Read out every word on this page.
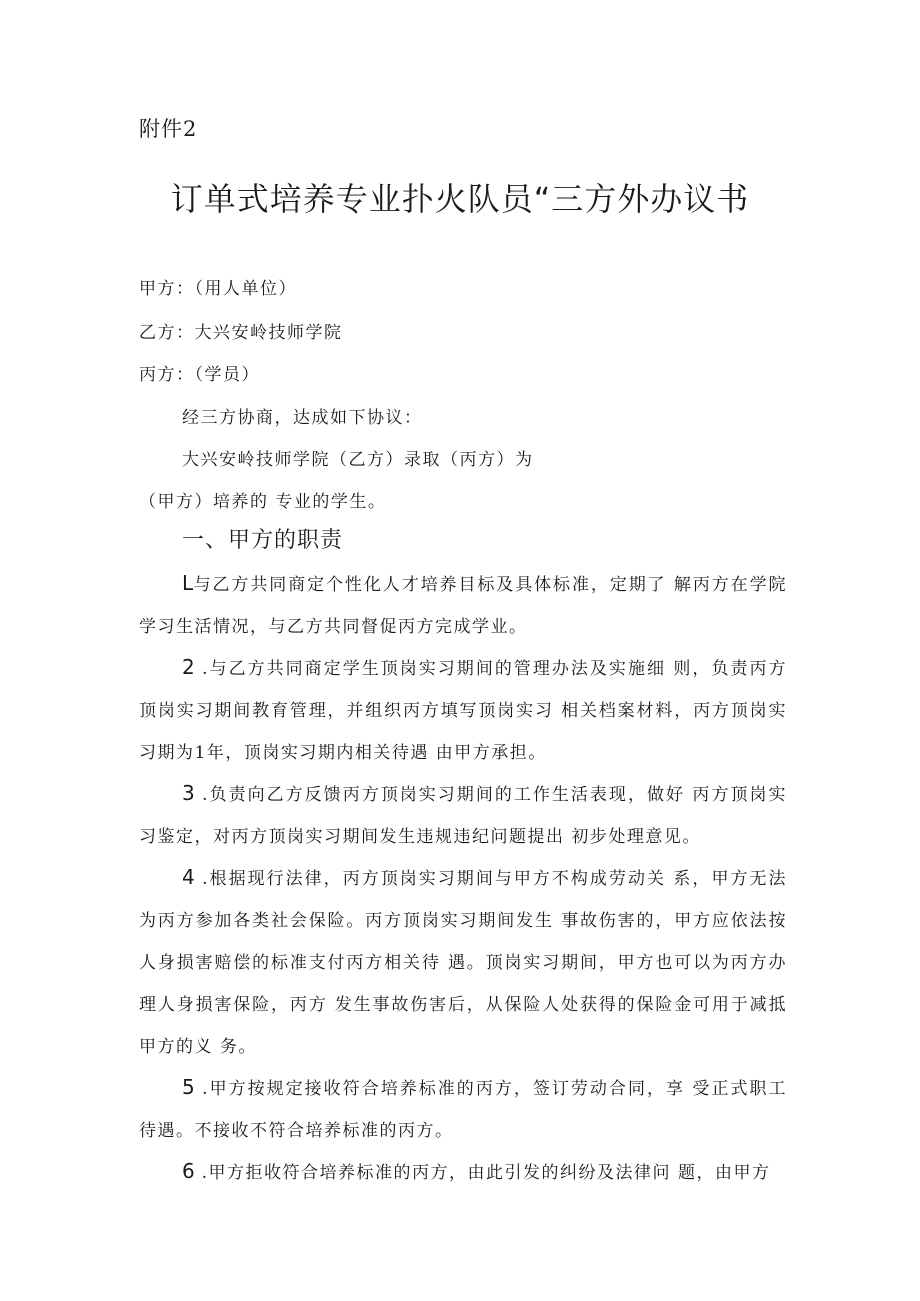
附件2
订单式培养专业扑火队员“三方外办议书
甲方：（用人单位）
乙方：大兴安岭技师学院
丙方：（学员）
经三方协商，达成如下协议：
大兴安岭技师学院（乙方）录取（丙方）为
（甲方）培养的 专业的学生。
一、甲方的职责
L与乙方共同商定个性化人才培养目标及具体标准，定期了 解丙方在学院学习生活情况，与乙方共同督促丙方完成学业。
2 .与乙方共同商定学生顶岗实习期间的管理办法及实施细 则，负责丙方顶岗实习期间教育管理，并组织丙方填写顶岗实习 相关档案材料，丙方顶岗实习期为1年，顶岗实习期内相关待遇 由甲方承担。
3 .负责向乙方反馈丙方顶岗实习期间的工作生活表现，做好 丙方顶岗实习鉴定，对丙方顶岗实习期间发生违规违纪问题提出 初步处理意见。
4 .根据现行法律，丙方顶岗实习期间与甲方不构成劳动关 系，甲方无法为丙方参加各类社会保险。丙方顶岗实习期间发生 事故伤害的，甲方应依法按人身损害赔偿的标准支付丙方相关待 遇。顶岗实习期间，甲方也可以为丙方办理人身损害保险，丙方 发生事故伤害后，从保险人处获得的保险金可用于减抵甲方的义 务。
5 .甲方按规定接收符合培养标准的丙方，签订劳动合同，享 受正式职工待遇。不接收不符合培养标准的丙方。
6 .甲方拒收符合培养标准的丙方，由此引发的纠纷及法律问 题，由甲方
